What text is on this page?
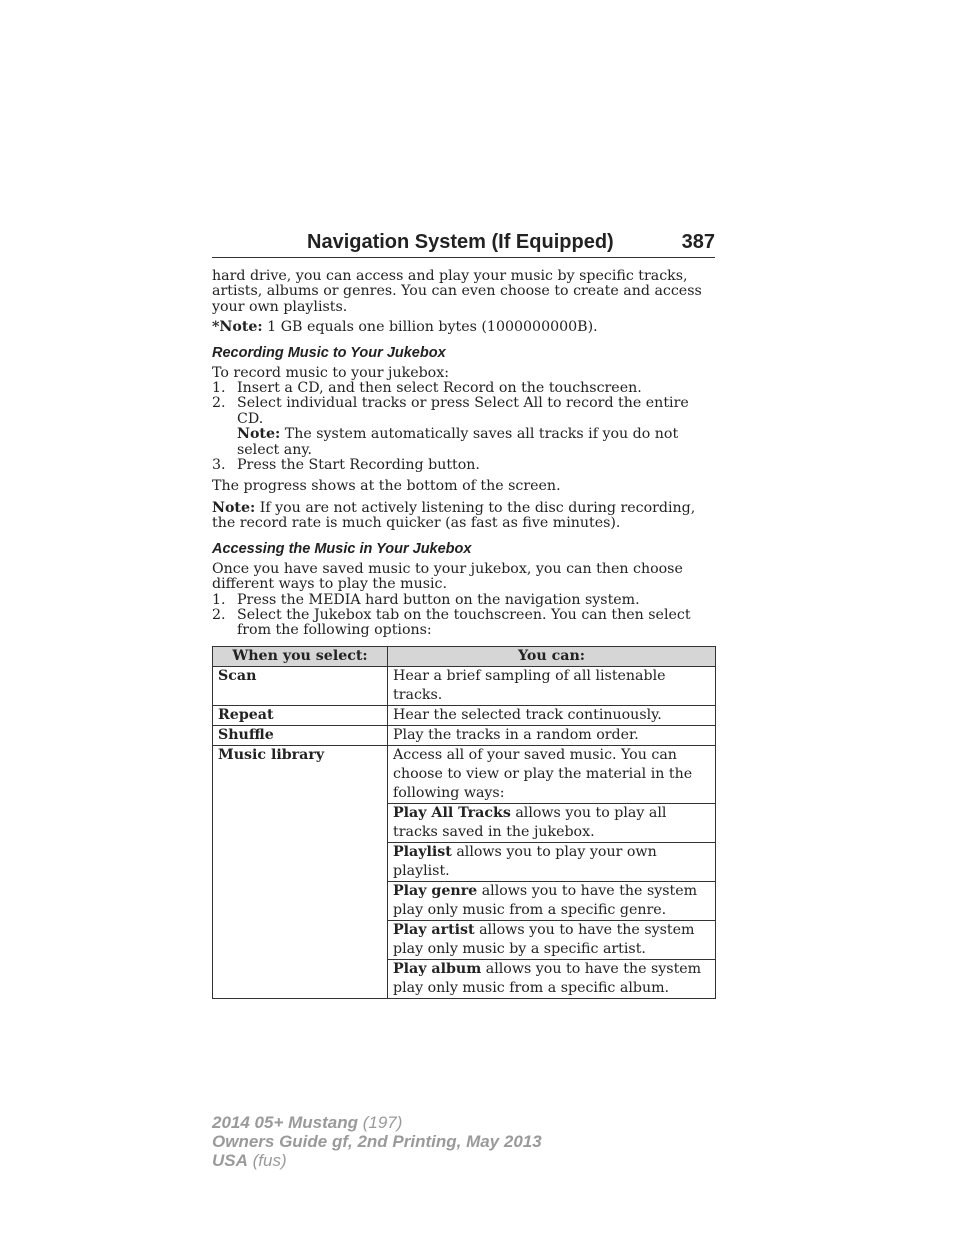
Navigation System (If Equipped)	387

hard drive, you can access and play your music by specific tracks, artists, albums or genres. You can even choose to create and access your own playlists.

*Note: 1 GB equals one billion bytes (1000000000B).

Recording Music to Your Jukebox

To record music to your jukebox:

1. Insert a CD, and then select Record on the touchscreen.
2. Select individual tracks or press Select All to record the entire CD.
Note: The system automatically saves all tracks if you do not select any.
3. Press the Start Recording button.

The progress shows at the bottom of the screen.

Note: If you are not actively listening to the disc during recording, the record rate is much quicker (as fast as five minutes).

Accessing the Music in Your Jukebox

Once you have saved music to your jukebox, you can then choose different ways to play the music.

1. Press the MEDIA hard button on the navigation system.
2. Select the Jukebox tab on the touchscreen. You can then select from the following options:
When you select:	You can:
Scan	Hear a brief sampling of all listenable tracks.
Repeat	Hear the selected track continuously.
Shuffle	Play the tracks in a random order.
Music library	Access all of your saved music. You can choose to view or play the material in the following ways:
	Play All Tracks allows you to play all tracks saved in the jukebox.
	Playlist allows you to play your own playlist.
	Play genre allows you to have the system play only music from a specific genre.
	Play artist allows you to have the system play only music by a specific artist.
	Play album allows you to have the system play only music from a specific album.
2014 05+ Mustang (197)
Owners Guide gf, 2nd Printing, May 2013
USA (fus)
